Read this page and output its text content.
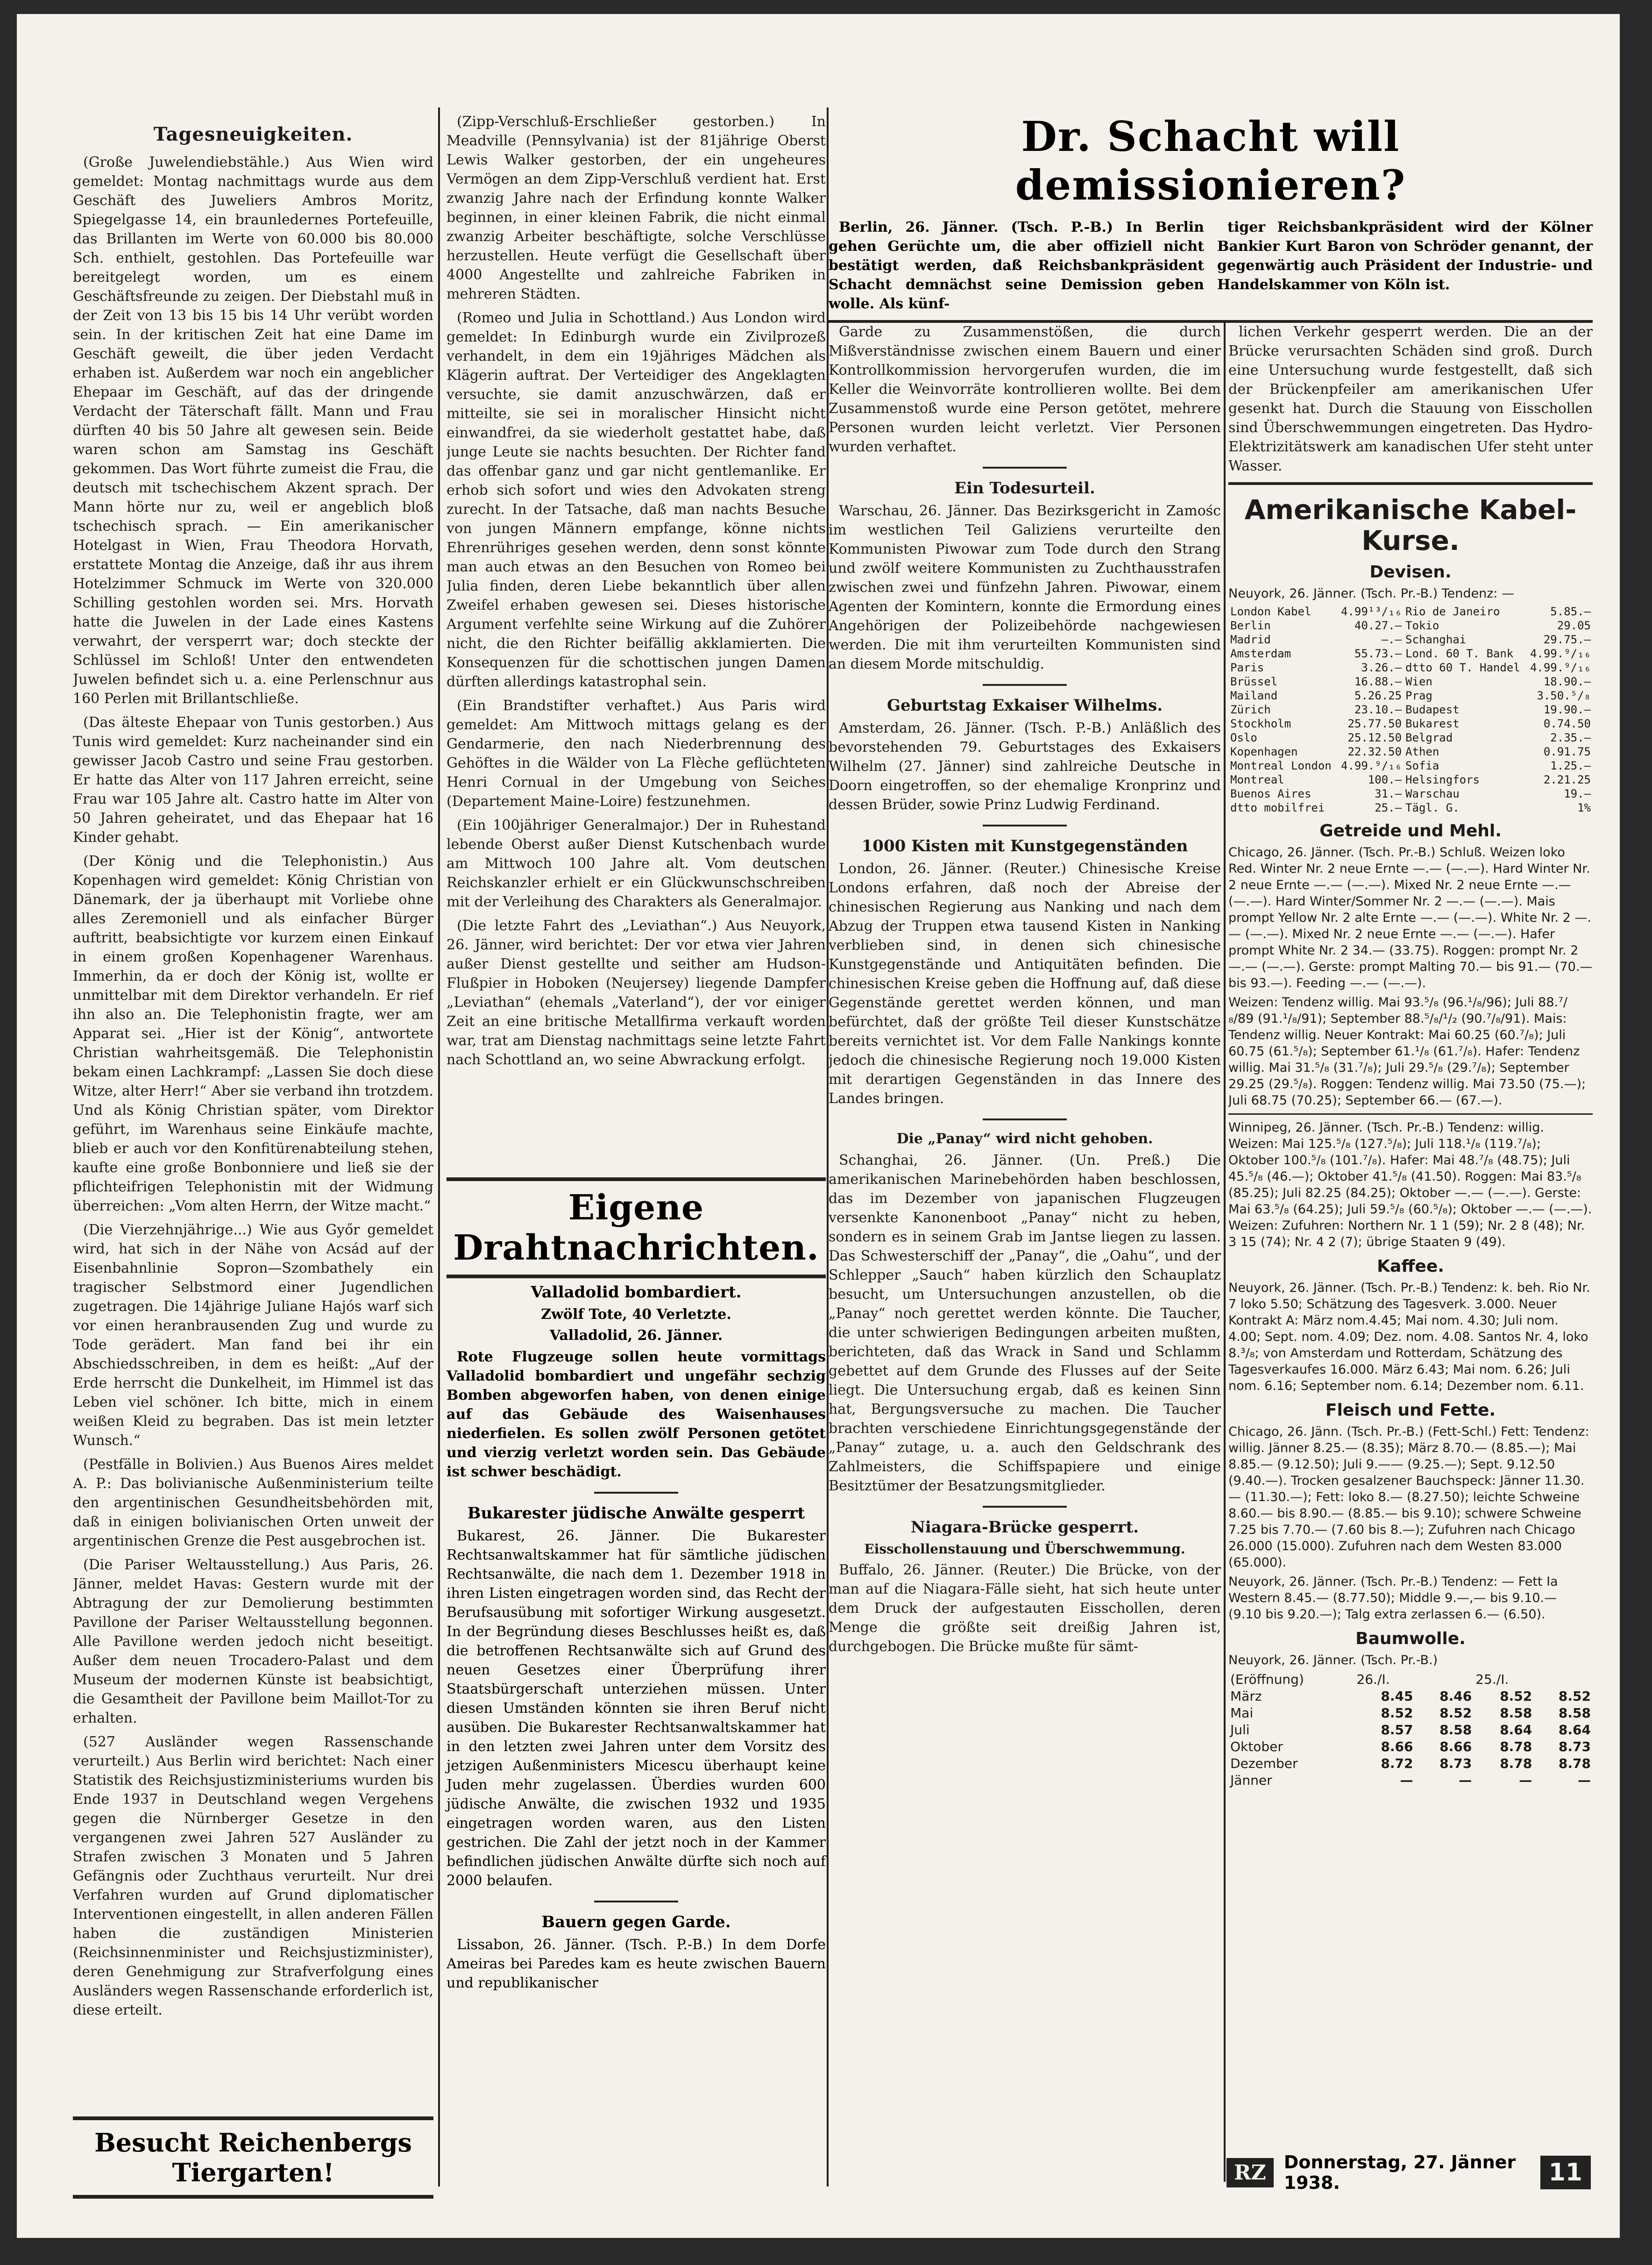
Tagesneuigkeiten.

(Große Juwelendiebstähle.) Aus Wien wird gemeldet: Montag nachmittags wurde aus dem Geschäft des Juweliers Ambros Moritz, Spiegelgasse 14, ein braunledernes Portefeuille, das Brillanten im Werte von 60.000 bis 80.000 Sch. enthielt, gestohlen. Das Portefeuille war bereitgelegt worden, um es einem Geschäftsfreunde zu zeigen. Der Diebstahl muß in der Zeit von 13 bis 15 bis 14 Uhr verübt worden sein. In der kritischen Zeit hat eine Dame im Geschäft geweilt, die über jeden Verdacht erhaben ist. Außerdem war noch ein angeblicher Ehepaar im Geschäft, auf das der dringende Verdacht der Täterschaft fällt. Mann und Frau dürften 40 bis 50 Jahre alt gewesen sein. Beide waren schon am Samstag ins Geschäft gekommen. Das Wort führte zumeist die Frau, die deutsch mit tschechischem Akzent sprach. Der Mann hörte nur zu, weil er angeblich bloß tschechisch sprach. — Ein amerikanischer Hotelgast in Wien, Frau Theodora Horvath, erstattete Montag die Anzeige, daß ihr aus ihrem Hotelzimmer Schmuck im Werte von 320.000 Schilling gestohlen worden sei. Mrs. Horvath hatte die Juwelen in der Lade eines Kastens verwahrt, der versperrt war; doch steckte der Schlüssel im Schloß! Unter den entwendeten Juwelen befindet sich u. a. eine Perlenschnur aus 160 Perlen mit Brillantschließe.

(Das älteste Ehepaar von Tunis gestorben.) Aus Tunis wird gemeldet: Kurz nacheinander sind ein gewisser Jacob Castro und seine Frau gestorben. Er hatte das Alter von 117 Jahren erreicht, seine Frau war 105 Jahre alt. Castro hatte im Alter von 50 Jahren geheiratet, und das Ehepaar hat 16 Kinder gehabt.

(Der König und die Telephonistin.) Aus Kopenhagen wird gemeldet: König Christian von Dänemark, der ja überhaupt mit Vorliebe ohne alles Zeremoniell und als einfacher Bürger auftritt, beabsichtigte vor kurzem einen Einkauf in einem großen Kopenhagener Warenhaus. Immerhin, da er doch der König ist, wollte er unmittelbar mit dem Direktor verhandeln. Er rief ihn also an. Die Telephonistin fragte, wer am Apparat sei. „Hier ist der König“, antwortete Christian wahrheitsgemäß. Die Telephonistin bekam einen Lachkrampf: „Lassen Sie doch diese Witze, alter Herr!“ Aber sie verband ihn trotzdem. Und als König Christian später, vom Direktor geführt, im Warenhaus seine Einkäufe machte, blieb er auch vor den Konfitürenabteilung stehen, kaufte eine große Bonbonniere und ließ sie der pflichteifrigen Telephonistin mit der Widmung überreichen: „Vom alten Herrn, der Witze macht.“

(Die Vierzehnjährige...) Wie aus Győr gemeldet wird, hat sich in der Nähe von Acsád auf der Eisenbahnlinie Sopron—Szombathely ein tragischer Selbstmord einer Jugendlichen zugetragen. Die 14jährige Juliane Hajós warf sich vor einen heranbrausenden Zug und wurde zu Tode gerädert. Man fand bei ihr ein Abschiedsschreiben, in dem es heißt: „Auf der Erde herrscht die Dunkelheit, im Himmel ist das Leben viel schöner. Ich bitte, mich in einem weißen Kleid zu begraben. Das ist mein letzter Wunsch.“

(Pestfälle in Bolivien.) Aus Buenos Aires meldet A. P.: Das bolivianische Außenministerium teilte den argentinischen Gesundheitsbehörden mit, daß in einigen bolivianischen Orten unweit der argentinischen Grenze die Pest ausgebrochen ist.

(Die Pariser Weltausstellung.) Aus Paris, 26. Jänner, meldet Havas: Gestern wurde mit der Abtragung der zur Demolierung bestimmten Pavillone der Pariser Weltausstellung begonnen. Alle Pavillone werden jedoch nicht beseitigt. Außer dem neuen Trocadero-Palast und dem Museum der modernen Künste ist beabsichtigt, die Gesamtheit der Pavillone beim Maillot-Tor zu erhalten.

(527 Ausländer wegen Rassenschande verurteilt.) Aus Berlin wird berichtet: Nach einer Statistik des Reichsjustizministeriums wurden bis Ende 1937 in Deutschland wegen Vergehens gegen die Nürnberger Gesetze in den vergangenen zwei Jahren 527 Ausländer zu Strafen zwischen 3 Monaten und 5 Jahren Gefängnis oder Zuchthaus verurteilt. Nur drei Verfahren wurden auf Grund diplomatischer Interventionen eingestellt, in allen anderen Fällen haben die zuständigen Ministerien (Reichsinnenminister und Reichsjustizminister), deren Genehmigung zur Strafverfolgung eines Ausländers wegen Rassenschande erforderlich ist, diese erteilt.

Besucht Reichenbergs Tiergarten!

(Zipp-Verschluß-Erschließer gestorben.) In Meadville (Pennsylvania) ist der 81jährige Oberst Lewis Walker gestorben, der ein ungeheures Vermögen an dem Zipp-Verschluß verdient hat. Erst zwanzig Jahre nach der Erfindung konnte Walker beginnen, in einer kleinen Fabrik, die nicht einmal zwanzig Arbeiter beschäftigte, solche Verschlüsse herzustellen. Heute verfügt die Gesellschaft über 4000 Angestellte und zahlreiche Fabriken in mehreren Städten.

(Romeo und Julia in Schottland.) Aus London wird gemeldet: In Edinburgh wurde ein Zivilprozeß verhandelt, in dem ein 19jähriges Mädchen als Klägerin auftrat. Der Verteidiger des Angeklagten versuchte, sie damit anzuschwärzen, daß er mitteilte, sie sei in moralischer Hinsicht nicht einwandfrei, da sie wiederholt gestattet habe, daß junge Leute sie nachts besuchten. Der Richter fand das offenbar ganz und gar nicht gentlemanlike. Er erhob sich sofort und wies den Advokaten streng zurecht. In der Tatsache, daß man nachts Besuche von jungen Männern empfange, könne nichts Ehrenrühriges gesehen werden, denn sonst könnte man auch etwas an den Besuchen von Romeo bei Julia finden, deren Liebe bekanntlich über allen Zweifel erhaben gewesen sei. Dieses historische Argument verfehlte seine Wirkung auf die Zuhörer nicht, die den Richter beifällig akklamierten. Die Konsequenzen für die schottischen jungen Damen dürften allerdings katastrophal sein.

(Ein Brandstifter verhaftet.) Aus Paris wird gemeldet: Am Mittwoch mittags gelang es der Gendarmerie, den nach Niederbrennung des Gehöftes in die Wälder von La Flèche geflüchteten Henri Cornual in der Umgebung von Seiches (Departement Maine-Loire) festzunehmen.

(Ein 100jähriger Generalmajor.) Der in Ruhestand lebende Oberst außer Dienst Kutschenbach wurde am Mittwoch 100 Jahre alt. Vom deutschen Reichskanzler erhielt er ein Glückwunschschreiben mit der Verleihung des Charakters als Generalmajor.

(Die letzte Fahrt des „Leviathan“.) Aus Neuyork, 26. Jänner, wird berichtet: Der vor etwa vier Jahren außer Dienst gestellte und seither am Hudson-Flußpier in Hoboken (Neujersey) liegende Dampfer „Leviathan“ (ehemals „Vaterland“), der vor einiger Zeit an eine britische Metallfirma verkauft worden war, trat am Dienstag nachmittags seine letzte Fahrt nach Schottland an, wo seine Abwrackung erfolgt.

Eigene Drahtnachrichten.
Valladolid bombardiert.
Zwölf Tote, 40 Verletzte.
Valladolid, 26. Jänner.

Rote Flugzeuge sollen heute vormittags Valladolid bombardiert und ungefähr sechzig Bomben abgeworfen haben, von denen einige auf das Gebäude des Waisenhauses niederfielen. Es sollen zwölf Personen getötet und vierzig verletzt worden sein. Das Gebäude ist schwer beschädigt.

Bukarester jüdische Anwälte gesperrt

Bukarest, 26. Jänner. Die Bukarester Rechtsanwaltskammer hat für sämtliche jüdischen Rechtsanwälte, die nach dem 1. Dezember 1918 in ihren Listen eingetragen worden sind, das Recht der Berufsausübung mit sofortiger Wirkung ausgesetzt. In der Begründung dieses Beschlusses heißt es, daß die betroffenen Rechtsanwälte sich auf Grund des neuen Gesetzes einer Überprüfung ihrer Staatsbürgerschaft unterziehen müssen. Unter diesen Umständen könnten sie ihren Beruf nicht ausüben. Die Bukarester Rechtsanwaltskammer hat in den letzten zwei Jahren unter dem Vorsitz des jetzigen Außenministers Micescu überhaupt keine Juden mehr zugelassen. Überdies wurden 600 jüdische Anwälte, die zwischen 1932 und 1935 eingetragen worden waren, aus den Listen gestrichen. Die Zahl der jetzt noch in der Kammer befindlichen jüdischen Anwälte dürfte sich noch auf 2000 belaufen.

Bauern gegen Garde.

Lissabon, 26. Jänner. (Tsch. P.-B.) In dem Dorfe Ameiras bei Paredes kam es heute zwischen Bauern und republikanischer

Dr. Schacht will demissionieren?

Berlin, 26. Jänner. (Tsch. P.-B.) In Berlin gehen Gerüchte um, die aber offiziell nicht bestätigt werden, daß Reichsbankpräsident Schacht demnächst seine Demission geben wolle. Als künf-

tiger Reichsbankpräsident wird der Kölner Bankier Kurt Baron von Schröder genannt, der gegenwärtig auch Präsident der Industrie- und Handelskammer von Köln ist.

Garde zu Zusammenstößen, die durch Mißverständnisse zwischen einem Bauern und einer Kontrollkommission hervorgerufen wurden, die im Keller die Weinvorräte kontrollieren wollte. Bei dem Zusammenstoß wurde eine Person getötet, mehrere Personen wurden leicht verletzt. Vier Personen wurden verhaftet.

Ein Todesurteil.

Warschau, 26. Jänner. Das Bezirksgericht in Zamośc im westlichen Teil Galiziens verurteilte den Kommunisten Piwowar zum Tode durch den Strang und zwölf weitere Kommunisten zu Zuchthausstrafen zwischen zwei und fünfzehn Jahren. Piwowar, einem Agenten der Komintern, konnte die Ermordung eines Angehörigen der Polizeibehörde nachgewiesen werden. Die mit ihm verurteilten Kommunisten sind an diesem Morde mitschuldig.

Geburtstag Exkaiser Wilhelms.

Amsterdam, 26. Jänner. (Tsch. P.-B.) Anläßlich des bevorstehenden 79. Geburtstages des Exkaisers Wilhelm (27. Jänner) sind zahlreiche Deutsche in Doorn eingetroffen, so der ehemalige Kronprinz und dessen Brüder, sowie Prinz Ludwig Ferdinand.

1000 Kisten mit Kunstgegenständen

London, 26. Jänner. (Reuter.) Chinesische Kreise Londons erfahren, daß noch der Abreise der chinesischen Regierung aus Nanking und nach dem Abzug der Truppen etwa tausend Kisten in Nanking verblieben sind, in denen sich chinesische Kunstgegenstände und Antiquitäten befinden. Die chinesischen Kreise geben die Hoffnung auf, daß diese Gegenstände gerettet werden können, und man befürchtet, daß der größte Teil dieser Kunstschätze bereits vernichtet ist. Vor dem Falle Nankings konnte jedoch die chinesische Regierung noch 19.000 Kisten mit derartigen Gegenständen in das Innere des Landes bringen.

Die „Panay“ wird nicht gehoben.

Schanghai, 26. Jänner. (Un. Preß.) Die amerikanischen Marinebehörden haben beschlossen, das im Dezember von japanischen Flugzeugen versenkte Kanonenboot „Panay“ nicht zu heben, sondern es in seinem Grab im Jantse liegen zu lassen. Das Schwesterschiff der „Panay“, die „Oahu“, und der Schlepper „Sauch“ haben kürzlich den Schauplatz besucht, um Untersuchungen anzustellen, ob die „Panay“ noch gerettet werden könnte. Die Taucher, die unter schwierigen Bedingungen arbeiten mußten, berichteten, daß das Wrack in Sand und Schlamm gebettet auf dem Grunde des Flusses auf der Seite liegt. Die Untersuchung ergab, daß es keinen Sinn hat, Bergungsversuche zu machen. Die Taucher brachten verschiedene Einrichtungsgegenstände der „Panay“ zutage, u. a. auch den Geldschrank des Zahlmeisters, die Schiffspapiere und einige Besitztümer der Besatzungsmitglieder.

Niagara-Brücke gesperrt.
Eisschollenstauung und Überschwemmung.

Buffalo, 26. Jänner. (Reuter.) Die Brücke, von der man auf die Niagara-Fälle sieht, hat sich heute unter dem Druck der aufgestauten Eisschollen, deren Menge die größte seit dreißig Jahren ist, durchgebogen. Die Brücke mußte für sämt-

lichen Verkehr gesperrt werden. Die an der Brücke verursachten Schäden sind groß. Durch eine Untersuchung wurde festgestellt, daß sich der Brückenpfeiler am amerikanischen Ufer gesenkt hat. Durch die Stauung von Eisschollen sind Überschwemmungen eingetreten. Das Hydro-Elektrizitätswerk am kanadischen Ufer steht unter Wasser.

Amerikanische Kabel-Kurse.
Devisen.

Neuyork, 26. Jänner. (Tsch. Pr.-B.) Tendenz: —

London Kabel	4.99¹³/₁₆	Rio de Janeiro	5.85.—
Berlin	40.27.—	Tokio	29.05
Madrid	—.—	Schanghai	29.75.—
Amsterdam	55.73.—	Lond. 60 T. Bank	4.99.⁹/₁₆
Paris	3.26.—	dtto 60 T. Handel	4.99.⁹/₁₆
Brüssel	16.88.—	Wien	18.90.—
Mailand	5.26.25	Prag	3.50.⁵/₈
Zürich	23.10.—	Budapest	19.90.—
Stockholm	25.77.50	Bukarest	0.74.50
Oslo	25.12.50	Belgrad	2.35.—
Kopenhagen	22.32.50	Athen	0.91.75
Montreal London	4.99.⁹/₁₆	Sofia	1.25.—
Montreal	100.—	Helsingfors	2.21.25
Buenos Aires	31.—	Warschau	19.—
dtto mobilfrei	25.—	Tägl. G.	1%
Getreide und Mehl.

Chicago, 26. Jänner. (Tsch. Pr.-B.) Schluß. Weizen loko Red. Winter Nr. 2 neue Ernte —.— (—.—). Hard Winter Nr. 2 neue Ernte —.— (—.—). Mixed Nr. 2 neue Ernte —.— (—.—). Hard Winter/Sommer Nr. 2 —.— (—.—). Mais prompt Yellow Nr. 2 alte Ernte —.— (—.—). White Nr. 2 —.— (—.—). Mixed Nr. 2 neue Ernte —.— (—.—). Hafer prompt White Nr. 2 34.— (33.75). Roggen: prompt Nr. 2 —.— (—.—). Gerste: prompt Malting 70.— bis 91.— (70.— bis 93.—). Feeding —.— (—.—).

Weizen: Tendenz willig. Mai 93.⁵/₈ (96.¹/₈/96); Juli 88.⁷/₈/89 (91.¹/₈/91); September 88.⁵/₈/¹/₂ (90.⁷/₈/91). Mais: Tendenz willig. Neuer Kontrakt: Mai 60.25 (60.⁷/₈); Juli 60.75 (61.⁵/₈); September 61.¹/₈ (61.⁷/₈). Hafer: Tendenz willig. Mai 31.⁵/₈ (31.⁷/₈); Juli 29.⁵/₈ (29.⁷/₈); September 29.25 (29.⁵/₈). Roggen: Tendenz willig. Mai 73.50 (75.—); Juli 68.75 (70.25); September 66.— (67.—).

Winnipeg, 26. Jänner. (Tsch. Pr.-B.) Tendenz: willig. Weizen: Mai 125.⁵/₈ (127.⁵/₈); Juli 118.¹/₈ (119.⁷/₈); Oktober 100.⁵/₈ (101.⁷/₈). Hafer: Mai 48.⁷/₈ (48.75); Juli 45.⁵/₈ (46.—); Oktober 41.⁵/₈ (41.50). Roggen: Mai 83.⁵/₈ (85.25); Juli 82.25 (84.25); Oktober —.— (—.—). Gerste: Mai 63.⁵/₈ (64.25); Juli 59.⁵/₈ (60.⁵/₈); Oktober —.— (—.—). Weizen: Zufuhren: Northern Nr. 1 1 (59); Nr. 2 8 (48); Nr. 3 15 (74); Nr. 4 2 (7); übrige Staaten 9 (49).

Kaffee.

Neuyork, 26. Jänner. (Tsch. Pr.-B.) Tendenz: k. beh. Rio Nr. 7 loko 5.50; Schätzung des Tagesverk. 3.000. Neuer Kontrakt A: März nom.4.45; Mai nom. 4.30; Juli nom. 4.00; Sept. nom. 4.09; Dez. nom. 4.08. Santos Nr. 4, loko 8.³/₈; von Amsterdam und Rotterdam, Schätzung des Tagesverkaufes 16.000. März 6.43; Mai nom. 6.26; Juli nom. 6.16; September nom. 6.14; Dezember nom. 6.11.

Fleisch und Fette.

Chicago, 26. Jänn. (Tsch. Pr.-B.) (Fett-Schl.) Fett: Tendenz: willig. Jänner 8.25.— (8.35); März 8.70.— (8.85.—); Mai 8.85.— (9.12.50); Juli 9.—— (9.25.—); Sept. 9.12.50 (9.40.—). Trocken gesalzener Bauchspeck: Jänner 11.30.— (11.30.—); Fett: loko 8.— (8.27.50); leichte Schweine 8.60.— bis 8.90.— (8.85.— bis 9.10); schwere Schweine 7.25 bis 7.70.— (7.60 bis 8.—); Zufuhren nach Chicago 26.000 (15.000). Zufuhren nach dem Westen 83.000 (65.000).

Neuyork, 26. Jänner. (Tsch. Pr.-B.) Tendenz: — Fett Ia Western 8.45.— (8.77.50); Middle 9.—,— bis 9.10.— (9.10 bis 9.20.—); Talg extra zerlassen 6.— (6.50).

Baumwolle.

Neuyork, 26. Jänner. (Tsch. Pr.-B.)

(Eröffnung)	26./I.		25./I.	
März	8.45	8.46	8.52	8.52
Mai	8.52	8.52	8.58	8.58
Juli	8.57	8.58	8.64	8.64
Oktober	8.66	8.66	8.78	8.73
Dezember	8.72	8.73	8.78	8.78
Jänner	—	—	—	—
RZ	Donnerstag, 27. Jänner 1938.	11
